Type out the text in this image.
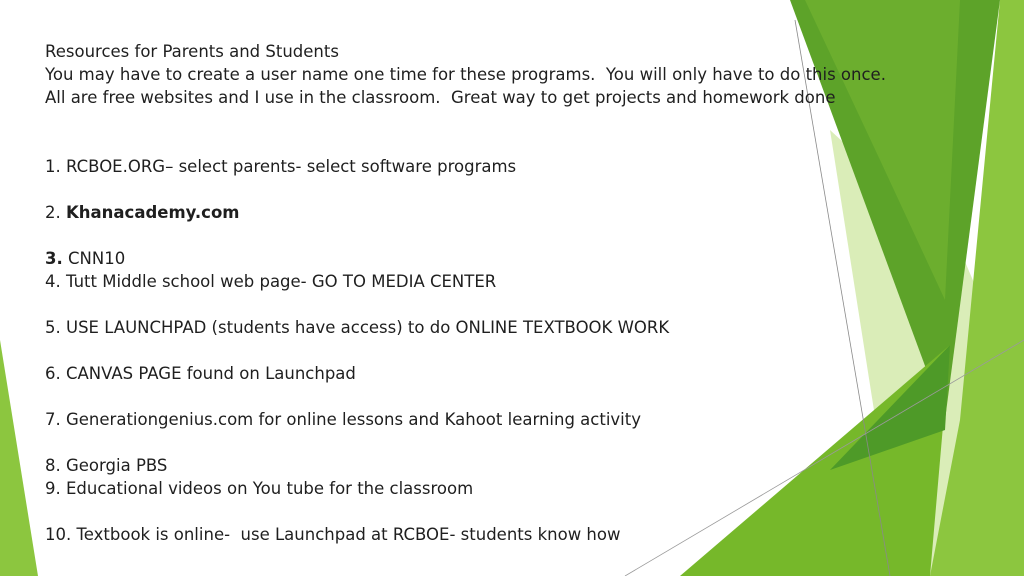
Resources for Parents and Students
You may have to create a user name one time for these programs.  You will only have to do this once.
All are free websites and I use in the classroom.  Great way to get projects and homework done
1. RCBOE.ORG– select parents- select software programs
2. Khanacademy.com
3. CNN10
4. Tutt Middle school web page- GO TO MEDIA CENTER
5. USE LAUNCHPAD (students have access) to do ONLINE TEXTBOOK WORK
6. CANVAS PAGE found on Launchpad
7. Generationgenius.com for online lessons and Kahoot learning activity
8. Georgia PBS
9. Educational videos on You tube for the classroom
10. Textbook is online-  use Launchpad at RCBOE- students know how
